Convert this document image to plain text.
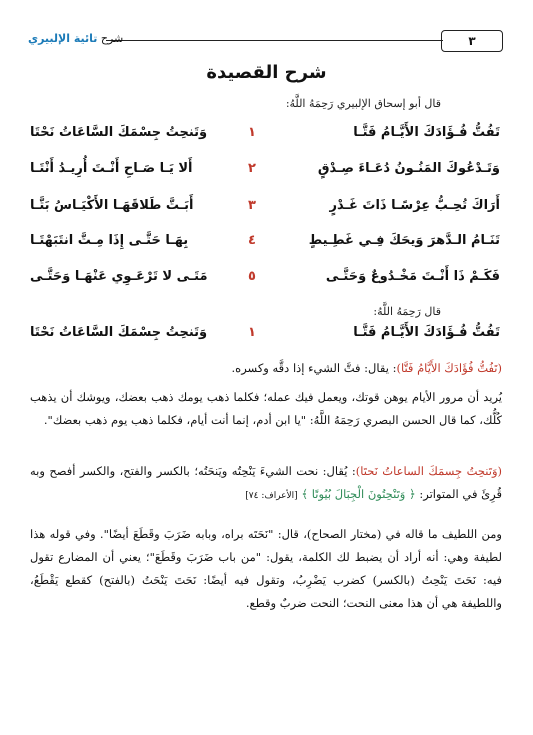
٣
شرح تائية الإلبيري
شرح القصيدة
قال أبو إسحاق الإلبيري رَحِمَهُ اللَّهُ:
تَفُتُّ فُـؤَادَكَ الأَيَّـامُ فَتَّـا
١
وَتَنحِتُ جِسْمَكَ السَّاعَاتُ نَحْتَا
وَتَـدْعُوكَ المَنُـونُ دُعَـاءَ صِـدْقٍ
٢
أَلا يَـا صَـاحِ أَنْـتَ أُرِيـدُ أَنْتَـا
أَرَاكَ تُحِـبُّ عِرْسًـا ذَاتَ غَـدْرٍ
٣
أَبَـتَّ طَلاقَهَـا الأَكْيَـاسُ بَتَّـا
تَنَـامُ الـدَّهرَ وَيحَكَ فِـي غَطِـيطٍ
٤
بِهَـا حَتَّـى إِذَا مِـتَّ انتَبَهْتَـا
فَكَـمْ ذَا أَنْـتَ مَخْـدُوعٌ وَحَتَّـى
٥
مَتَـى لا تَرْعَـوِي عَنْهَـا وَحَتَّـى
قال رَحِمَهُ اللَّهُ:
تَفُتُّ فُـؤَادَكَ الأَيَّـامُ فَتَّـا
١
وَتَنحِتُ جِسْمَكَ السَّاعَاتُ نَحْتَا
(تَفُتُّ فُؤَادَكَ الأَيَّامُ فَتَّا): يقال: فتَّ الشيء إذا دقَّه وكسره.
يُريد أن مرور الأيام يوهن قوتك، ويعمل فيك عمله؛ فكلما ذهب يومك ذهب بعضك، ويوشك أن يذهب كُلُّك، كما قال الحسن البصري رَحِمَهُ اللَّهُ: "يا ابن أدم، إنما أنت أيام، فكلما ذهب يوم ذهب بعضك".
(وَتَنحِتُ جِسمَكَ الساعاتُ نَحتَا): يُقال: نحت الشيءَ يَنْحِتُه ويَنحَتُه؛ بالكسر والفتح، والكسر أفصح وبه قُرِئَ في المتواتر: ﴿ وَتَنْحِتُونَ الْجِبَالَ بُيُوتًا ﴾ [الأعراف: ٧٤]
ومن اللطيف ما قاله في (مختار الصحاح)، قال: "نَحَتَه براه، وبابه ضَرَبَ وقَطَعَ أيضًا". وفي قوله هذا لطيفة وهي: أنه أراد أن يضبط لك الكلمة، يقول: "من باب ضَرَبَ وقَطَعَ"؛ يعني أن المضارع تقول فيه: نَحَتَ يَنْحِتُ (بالكسر) كضرب يَضْرِبُ، وتقول فيه أيضًا: نَحَتَ يَنْحَتُ (بالفتح) كقطع يَقْطَعُ، واللطيفة هي أن هذا معنى النحت؛ النحت ضربٌ وقطع.
